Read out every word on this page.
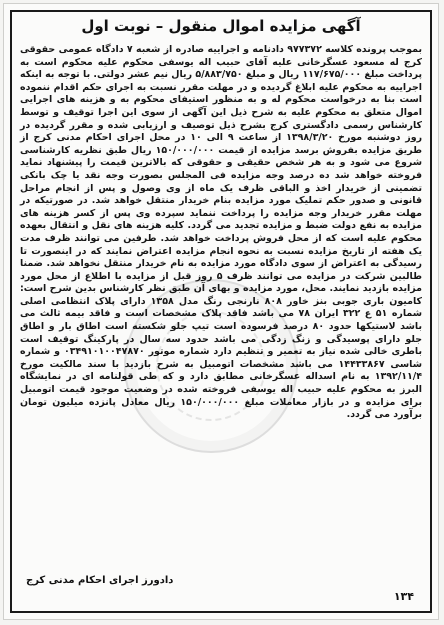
آگهی مزایده اموال منقول – نوبت اول
بموجب پرونده کلاسه ۹۷۷۳۷۲ دادنامه و اجراییه صادره از شعبه ۷ دادگاه عمومی حقوقی کرج له مسعود عسگرخانی علیه آقای حبیب اله یوسفی محکوم علیه محکوم است به پرداخت مبلغ ۱۱۷/۶۷۵/۰۰۰ ریال و مبلغ ۵/۸۸۳/۷۵۰ ریال نیم عشر دولتی. با توجه به اینکه اجراییه به محکوم علیه ابلاغ گردیده و در مهلت مقرر نسبت به اجرای حکم اقدام ننموده است بنا به درخواست محکوم له و به منظور استیفای محکوم به و هزینه های اجرایی اموال متعلق به محکوم علیه به شرح ذیل این آگهی از سوی این اجرا توقیف و توسط کارشناس رسمی دادگستری کرج بشرح ذیل توصیف و ارزیابی شده و مقرر گردیده در روز دوشنبه مورخ ۱۳۹۸/۳/۲۰ از ساعت ۹ الی ۱۰ در محل اجرای احکام مدنی کرج از طریق مزایده بفروش برسد مزایده از قیمت ۱۵۰/۰۰۰/۰۰۰ ریال طبق نظریه کارشناسی شروع می شود و به هر شخص حقیقی و حقوقی که بالاترین قیمت را پیشنهاد نماید فروخته خواهد شد ده درصد وجه مزایده فی المجلس بصورت وجه نقد یا چک بانکی تضمینی از خریدار اخذ و الباقی ظرف یک ماه از وی وصول و پس از انجام مراحل قانونی و صدور حکم تملیک مورد مزایده بنام خریدار منتقل خواهد شد. در صورتیکه در مهلت مقرر خریدار وجه مزایده را پرداخت ننماید سپرده وی پس از کسر هزینه های مزایده به نفع دولت ضبط و مزایده تجدید می گردد. کلیه هزینه های نقل و انتقال بعهده محکوم علیه است که از محل فروش پرداخت خواهد شد. طرفین می توانند ظرف مدت یک هفته از تاریخ مزایده نسبت به نحوه انجام مزایده اعتراض نمایند که در اینصورت تا رسیدگی به اعتراض از سوی دادگاه مورد مزایده به نام خریدار منتقل نخواهد شد. ضمنا طالبین شرکت در مزایده می توانند ظرف ۵ روز قبل از مزایده با اطلاع از محل مورد مزایده بازدید نمایند. محل، مورد مزایده و بهای آن طبق نظر کارشناس بدین شرح است: کامیون باری جوبی بنز خاور ۸۰۸ نارنجی رنگ مدل ۱۳۵۸ دارای پلاک انتظامی اصلی شماره ۵۱ ع ۳۲۲ ایران ۷۸ می باشد فاقد پلاک مشخصات است و فاقد بیمه ثالث می باشد لاستیکها حدود ۸۰ درصد فرسوده است تیپ جلو شکسته است اطاق بار و اطاق جلو دارای پوسیدگی و زنگ زدگی می باشد حدود سه سال در پارکینگ توقیف است باطری خالی شده نیاز به تعمیر و تنظیم دارد شماره موتور ۰۳۴۹۱۰۱۰۰۴۷۸۷۰ و شماره شاسی ۱۴۴۳۳۸۶۷ می باشد مشخصات اتومبیل به شرح بازدید با سند مالکیت مورخ ۱۳۹۲/۱۱/۴ به نام اسداله عسگرخانی مطابق دارد و که طی قولنامه ای در نمایشگاه البرز به محکوم علیه حبیب اله یوسفی فروخته شده در وضعیت موجود قیمت اتومبیل برای مزایده و در بازار معاملات مبلغ ۱۵۰/۰۰۰/۰۰۰ ریال معادل پانزده میلیون تومان برآورد می گردد.
دادورز اجرای احکام مدنی کرج
۱۳۴
